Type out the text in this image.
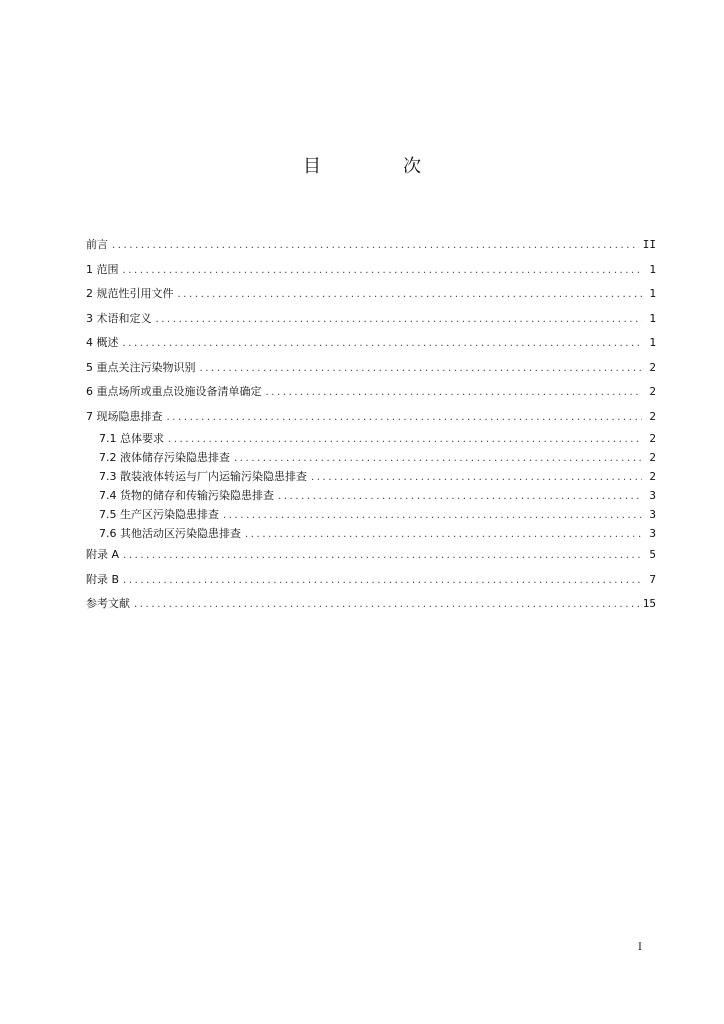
目　次
前言 .....	II
1 范围 .....	1
2 规范性引用文件 .....	1
3 术语和定义 .....	1
4 概述 .....	1
5 重点关注污染物识别 .....	2
6 重点场所或重点设施设备清单确定 .....	2
7 现场隐患排查 .....	2
7.1 总体要求 .....	2
7.2 液体储存污染隐患排查 .....	2
7.3 散装液体转运与厂内运输污染隐患排查 .....	2
7.4 货物的储存和传输污染隐患排查 .....	3
7.5 生产区污染隐患排查 .....	3
7.6 其他活动区污染隐患排查 .....	3
附录 A .....	5
附录 B .....	7
参考文献 .....	15
I
